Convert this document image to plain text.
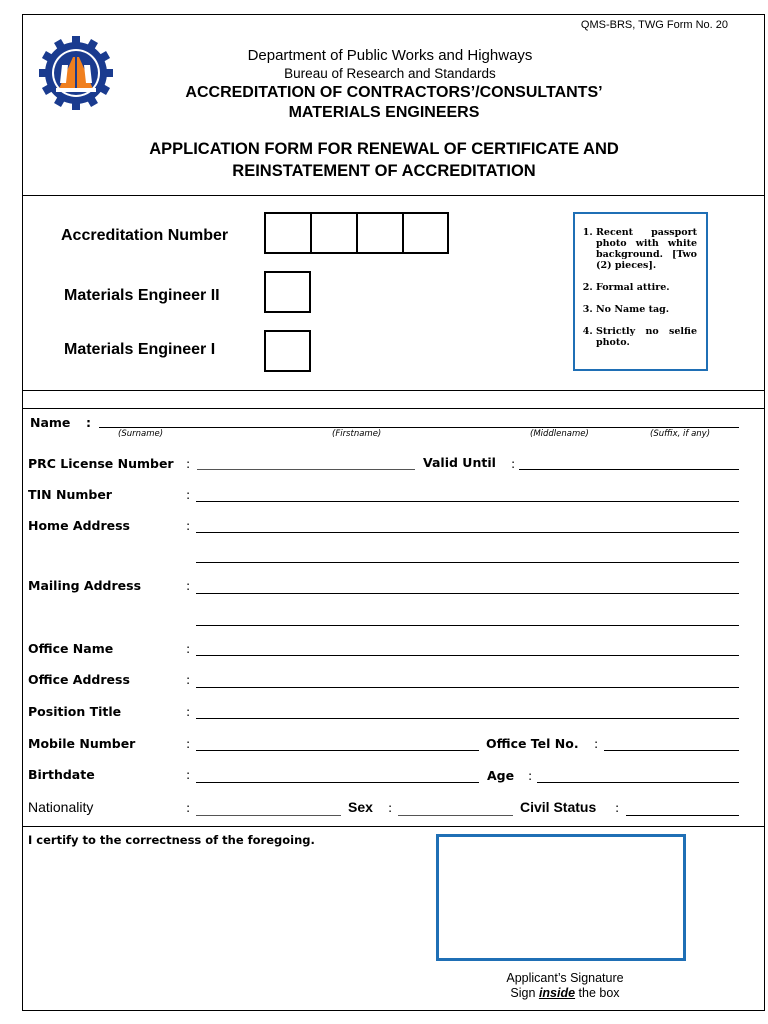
QMS-BRS, TWG Form No. 20
Department of Public Works and Highways
Bureau of Research and Standards
ACCREDITATION OF CONTRACTORS’/CONSULTANTS’
MATERIALS ENGINEERS
APPLICATION FORM FOR RENEWAL OF CERTIFICATE AND
REINSTATEMENT OF ACCREDITATION
Accreditation Number
Materials Engineer II
Materials Engineer I
1. Recent passport photo with white background. [Two (2) pieces].
2. Formal attire.
3. No Name tag.
4. Strictly no selfie photo.
Name :
(Surname)	(Firstname)	(Middlename)	(Suffix, if any)
PRC License Number :	Valid Until :
TIN Number	:
Home Address	:
Mailing Address	:
Office Name	:
Office Address	:
Position Title	:
Mobile Number	:	Office Tel No. :
Birthdate	:	Age :
Nationality	:	Sex :	Civil Status :
I certify to the correctness of the foregoing.
Applicant’s Signature
Sign inside the box
